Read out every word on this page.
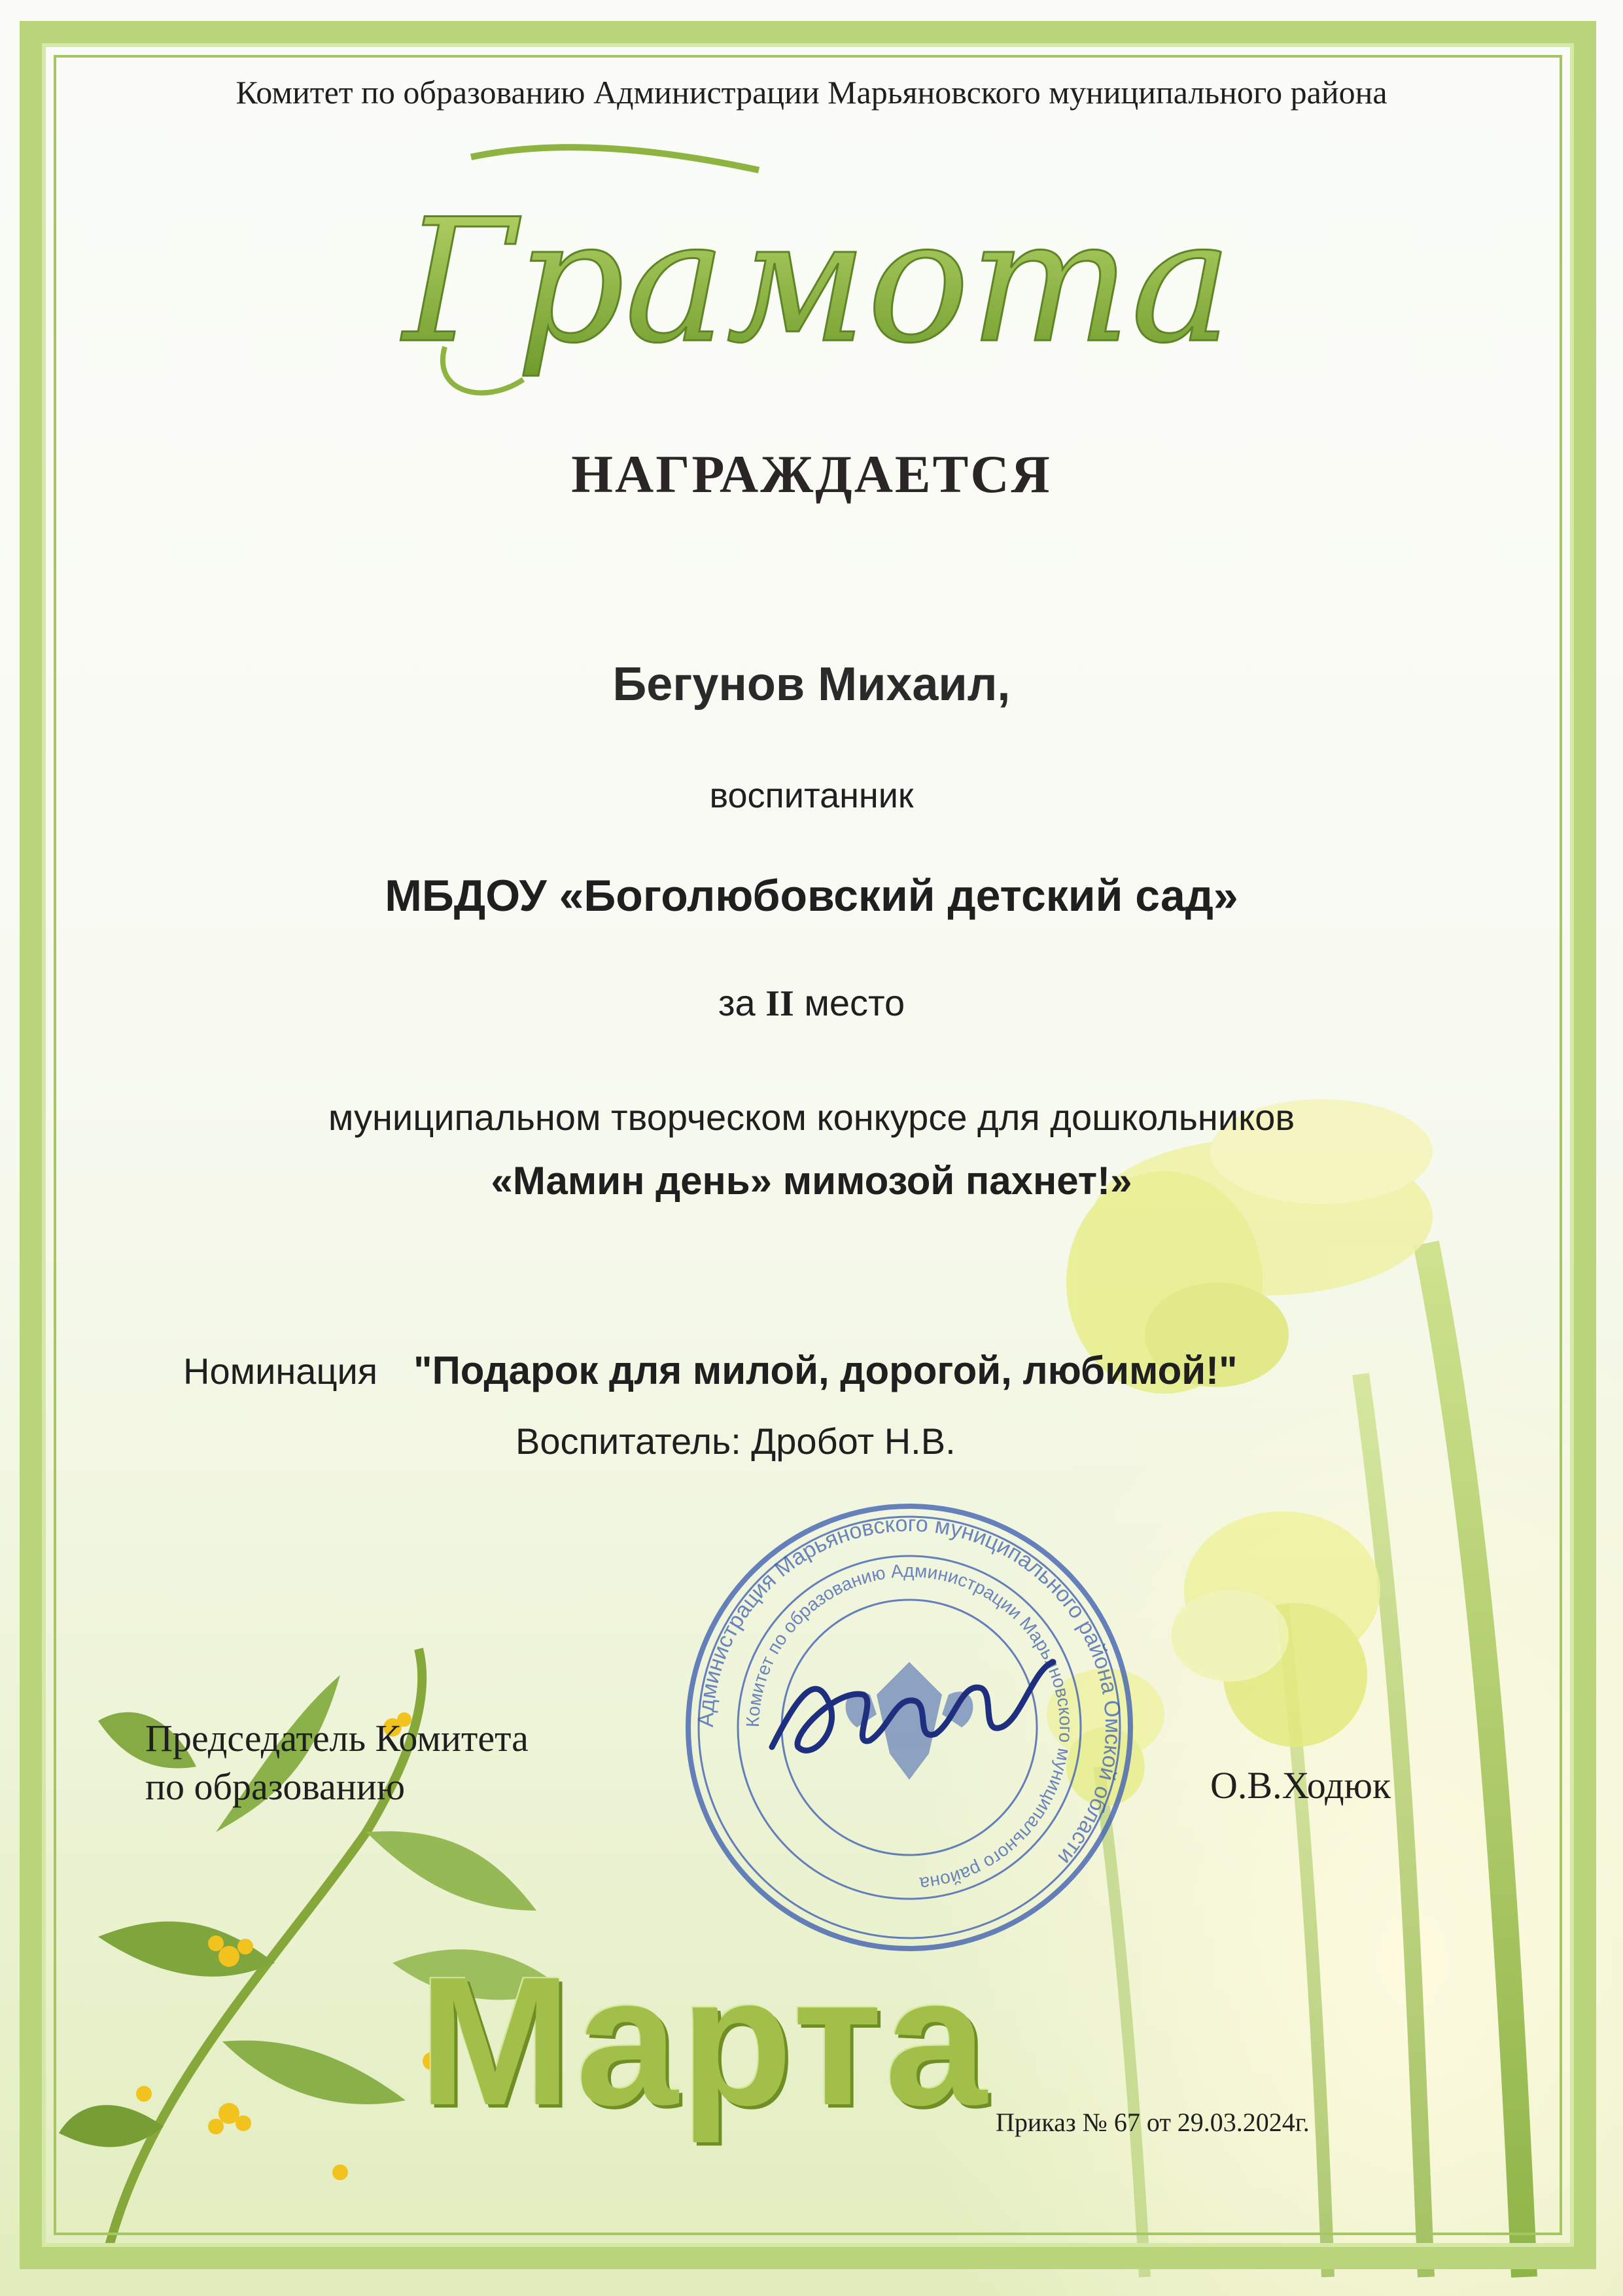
Комитет по образованию Администрации Марьяновского муниципального района
Грамота
НАГРАЖДАЕТСЯ
Бегунов Михаил,
воспитанник
МБДОУ «Боголюбовский детский сад»
за II место
муниципальном творческом конкурсе для дошкольников
«Мамин день» мимозой пахнет!»
Номинация "Подарок для милой, дорогой, любимой!"
Воспитатель: Дробот Н.В.
Администрация Марьяновского муниципального района Омской области
Комитет по образованию Администрации Марьяновского муниципального района
Председатель Комитета
по образованию	О.В.Ходюк
Марта Приказ № 67 от 29.03.2024г.
